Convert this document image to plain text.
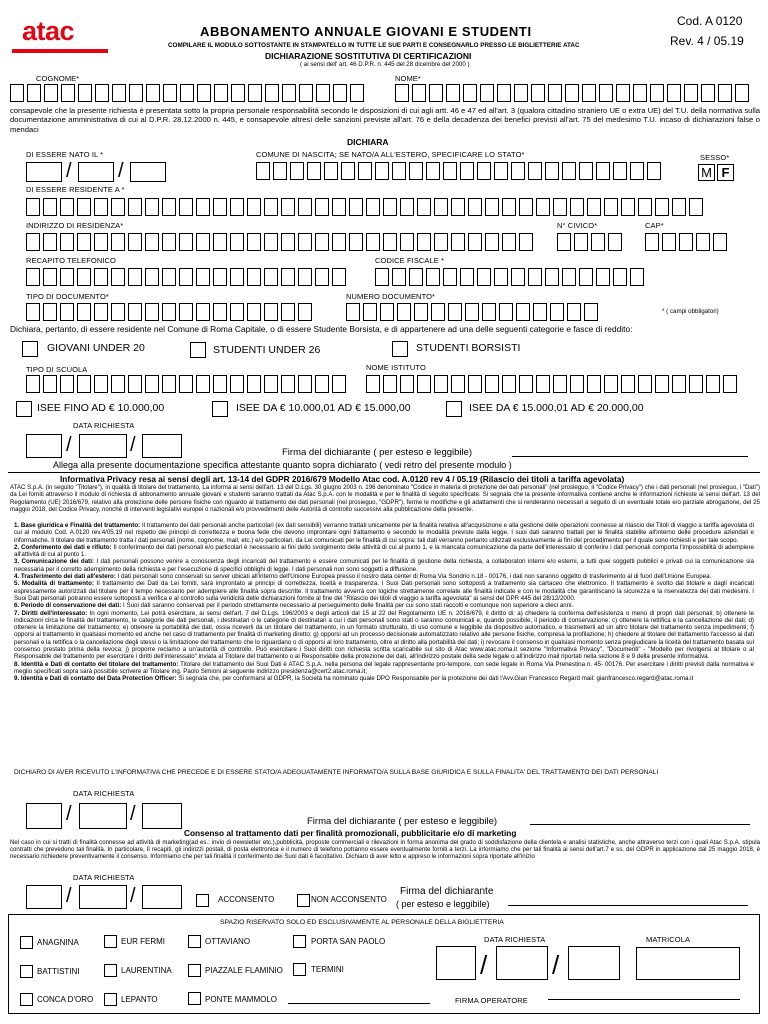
atac	ABBONAMENTO ANNUALE GIOVANI E STUDENTI
COMPILARE IL MODULO SOTTOSTANTE IN STAMPATELLO IN TUTTE LE SUE PARTI E CONSEGNARLO PRESSO LE BIGLIETTERIE ATAC
DICHIARAZIONE SOSTITUTIVA DI CERTIFICAZIONI
( ai sensi dell' art. 46 D.P.R. n. 445 del 28 dicembre del 2000 )
Cod. A 0120
Rev. 4 / 05.19
COGNOME*	NOME*
consapevole che la presente richiesta è presentata sotto la propria personale responsabilità secondo le disposizioni di cui agli artt. 46 e 47 ed all'art. 3 (qualora cittadino straniero UE o extra UE) del T.U. della normativa sulla documentazione amministrativa di cui al D.P.R. 28.12.2000 n. 445, e consapevole altresì delle sanzioni previste all'art. 76 e della decadenza dei benefici previsti all'art. 75 del medesimo T.U. incaso di dichiarazioni false o mendaci
DICHIARA
DI ESSERE NATO IL *	COMUNE DI NASCITA; SE NATO/A ALL'ESTERO, SPECIFICARE LO STATO*	SESSO*
/ /	M F
DI ESSERE RESIDENTE A *
INDIRIZZO DI RESIDENZA*	N° CIVICO*	CAP*
RECAPITO TELEFONICO	CODICE FISCALE *
TIPO DI DOCUMENTO*	NUMERO DOCUMENTO*
* ( campi obbligatori)
Dichiara, pertanto, di essere residente nel Comune di Roma Capitale, o di essere Studente Borsista, e di appartenere ad una delle seguenti categorie e fasce di reddito:
GIOVANI UNDER 20	STUDENTI UNDER 26	STUDENTI BORSISTI
TIPO DI SCUOLA	NOME ISTITUTO
ISEE FINO AD € 10.000,00	ISEE DA € 10.000,01 AD € 15.000,00	ISEE DA € 15.000,01 AD € 20.000,00
DATA RICHIESTA
/	/	Firma del dichiarante ( per esteso e leggibile)
Allega alla presente documentazione specifica attestante quanto sopra dichiarato ( vedi retro del presente modulo )
Informativa Privacy resa ai sensi degli art. 13-14 del GDPR 2016/679 Modello Atac cod. A.0120 rev 4 / 05.19 (Rilascio dei titoli a tariffa agevolata)
ATAC S.p.A. (in seguito "Titolare"), in qualità di titolare del trattamento, La informa ai sensi dell'art. 13 del D.Lgs. 30 giugno 2003 n. 196 denominato "Codice in materia di protezione dei dati personali" (nel prosieguo, il "Codice Privacy") che i dati personali (nel prosieguo, i "Dati") da Lei forniti attraverso il modulo di richiesta di abbonamento annuale giovani e studenti saranno trattati da Atac S.p.A. con le modalità e per le finalità di seguito specificate. Si segnala che la presente informativa contiene anche le informazioni richieste ai sensi dell'art. 13 del Regolamento (UE) 2016/679, relativo alla protezione delle persone fisiche con riguardo al trattamento dei dati personali (nel prosieguo, "GDPR"), ferme le modifiche e gli adattamenti che si renderanno necessari a seguito di un eventuale totale e/o parziale abrogazione, del 25 maggio 2018, del Codice Privacy, nonché di interventi legislativi europei o nazionali e/o provvedimenti delle Autorità di controllo successivi alla pubblicazione della presente.
1. Base giuridica e Finalità del trattamento: Il trattamento dei dati personali anche particolari (ex dati sensibili) verranno trattati unicamente per la finalità relativa all'acquisizione e alla gestione delle operazioni connesse al rilascio dei Titoli di viaggio a tariffa agevolata di cui al modulo Cod. A.0120 rev.4/05.19 nel rispetto dei principi di correttezza e buona fede che devono improntare ogni trattamento e secondo le modalità previste dalla legge. I suoi dati saranno trattati per le finalità stabilite all'interno delle procedure aziendali e informatiche. Il titolare del trattamento tratta i dati personali (nome, cognome, mail, etc.) e/o particolari, da Lei comunicati per le finalità di cui sopra: tali dati verranno pertanto utilizzati esclusivamente ai fini del procedimento per il quale sono richiesti e per tale scopo.
2. Conferimento dei dati e rifiuto: Il conferimento dei dati personali e/o particolari è necessario ai fini dello svolgimento delle attività di cui al punto 1, e la mancata comunicazione da parte dell'interessato di conferire i dati personali comporta l'impossibilità di adempiere all'attività di cui al punto 1.
3. Comunicazione dei dati: I dati personali possono venire a conoscenza degli incaricati del trattamento e essere comunicati per le finalità di gestione della richiesta, a collaboratori interni e/o esterni, a tutti quei soggetti pubblici e privati cui la comunicazione sia necessaria per il corretto adempimento della richiesta e per l'esecuzione di specifici obblighi di legge. I dati personali non sono soggetti a diffusione.
4. Trasferimento dei dati all'estero: I dati personali sono conservati su server ubicati all'interno dell'Unione Europea presso il nostro data center di Roma Via Sondrio n.18 - 00176, i dati non saranno oggetto di trasferimento al di fuori dell'Unione Europea.
5. Modalità di trattamento: Il trattamento dei Dati da Lei forniti, sarà improntato ai principi di correttezza, liceità e trasparenza. I Suoi Dati personali sono sottoposti a trattamento sia cartaceo che elettronico. Il trattamento è svolto dal titolare e dagli incaricati espressamente autorizzati dal titolare per il tempo necessario per adempiere alle finalità sopra descritte. Il trattamento avverrà con logiche strettamente correlate alle finalità indicate e con le modalità che garantiscano la sicurezza e la riservatezza dei dati medesimi. I Suoi Dati personali potranno essere sottoposti a verifica e al controllo sulla veridicità delle dichiarazioni fornite al fine del "Rilascio dei titoli di viaggio a tariffa agevolata" ai sensi del DPR 445 del 28/12/2000.
6. Periodo di conservazione dei dati: I Suoi dati saranno conservati per il periodo strettamente necessario al perseguimento delle finalità per cui sono stati raccolti e comunque non superiore a dieci anni.
7. Diritti dell'interessato: In ogni momento, Lei potrà esercitare, ai sensi dell'art. 7 del D.Lgs. 196/2003 e degli articoli dal 15 al 22 del Regolamento UE n. 2016/679, il diritto di: a) chiedere la conferma dell'esistenza o meno di propri dati personali; b) ottenere le indicazioni circa le finalità del trattamento, le categorie dei dati personali, i destinatari o le categorie di destinatari a cui i dati personali sono stati o saranno comunicati e, quando possibile, il periodo di conservazione; c) ottenere la rettifica e la cancellazione dei dati; d) ottenere la limitazione del trattamento; e) ottenere la portabilità dei dati, ossia riceverli da un titolare del trattamento, in un formato strutturato, di uso comune e leggibile da dispositivo automatico, e trasmetterli ad un altro titolare del trattamento senza impedimenti; f) opporsi al trattamento in qualsiasi momento ed anche nel caso di trattamento per finalità di marketing diretto; g) opporsi ad un processo decisionale automatizzato relativo alle persone fisiche, compresa la profilazione; h) chiedere al titolare del trattamento l'accesso ai dati personali e la rettifica o la cancellazione degli stessi o la limitazione del trattamento che lo riguardano o di opporsi al loro trattamento, oltre al diritto alla portabilità dei dati; i) revocare il consenso in qualsiasi momento senza pregiudicare la liceità del trattamento basata sul consenso prestato prima della revoca; j) proporre reclamo a un'autorità di controllo. Può esercitare i Suoi diritti con richiesta scritta scaricabile sul sito di Atac www.atac.roma.it sezione "Informativa Privacy", "Documenti" - "Modello per rivolgersi al titolare o al Responsabile del trattamento per esercitare i diritti dell'interessato" inviata al Titolare del trattamento o al Responsabile della protezione dei dati, all'indirizzo postale della sede legale o all'indirizzo mail riportati nella sezione 8 e 9 della presente informativa.
8. Identità e Dati di contatto del titolare del trattamento: Titolare del trattamento dei Suoi Dati è ATAC S.p.A. nella persona del legale rappresentante pro-tempore, con sede legale in Roma Via Prenestina n. 45- 00176. Per esercitare i diritti previsti dalla normativa e meglio specificati sopra sarà possibile scrivere al Titolare ing. Paolo Simioni al seguente indirizzo presidenza@cert2.atac.roma.it;
9. Identità e Dati di contatto del Data Protection Officer: Si segnala che, per conformarsi al GDPR, la Società ha nominato quale DPO Responsabile per la protezione dei dati l'Avv.Gian Francesco Regard mail: gianfrancesco.regard@atac.roma.it
DICHIARO DI AVER RICEVUTO L'INFORMATIVA CHE PRECEDE E DI ESSERE STATO/A ADEGUATAMENTE INFORMATO/A SULLA BASE GIURIDICA E SULLA FINALITA' DEL TRATTAMENTO DEI DATI PERSONALI
DATA RICHIESTA
/	/	Firma del dichiarante ( per esteso e leggibile)
Consenso al trattamento dati per finalità promozionali, pubblicitarie e/o di marketing
Nel caso in cui si tratti di finalità connesse ad attività di marketing(ad es.: invio di newsletter etc.),pubblicità, proposte commerciali e rilevazioni in forma anonima del grado di soddisfazione della clientela e analisi statistiche, anche attraverso terzi con i quali Atac S.p.A. stipula contratti che prevedono tali finalità. In particolare, Il recapiti, gli indirizzi postali, di posta elettronica e il numero di telefono potranno essere eventualmente forniti a terzi. La informiamo che per tali finalità ai sensi dell'art.7 e ss. del GDPR in applicazione dal 25 maggio 2018, è necessario richiedere preventivamente il consenso. Informiamo che per tali finalità il conferimento dei Suoi dati è facoltativo. Dichiaro di aver letto e appreso le informazioni sopra riportate all'inizio
DATA RICHIESTA
/	/	ACCONSENTO	NON ACCONSENTO
Firma del dichiarante
( per esteso e leggibile)
SPAZIO RISERVATO SOLO ED ESCLUSIVAMENTE AL PERSONALE DELLA BIGLIETTERIA
ANAGNINA	EUR FERMI	OTTAVIANO	PORTA SAN PAOLO
BATTISTINI	LAURENTINA	PIAZZALE FLAMINIO	TERMINI
CONCA D'ORO	LEPANTO	PONTE MAMMOLO
DATA RICHIESTA	MATRICOLA
/ /
FIRMA OPERATORE
